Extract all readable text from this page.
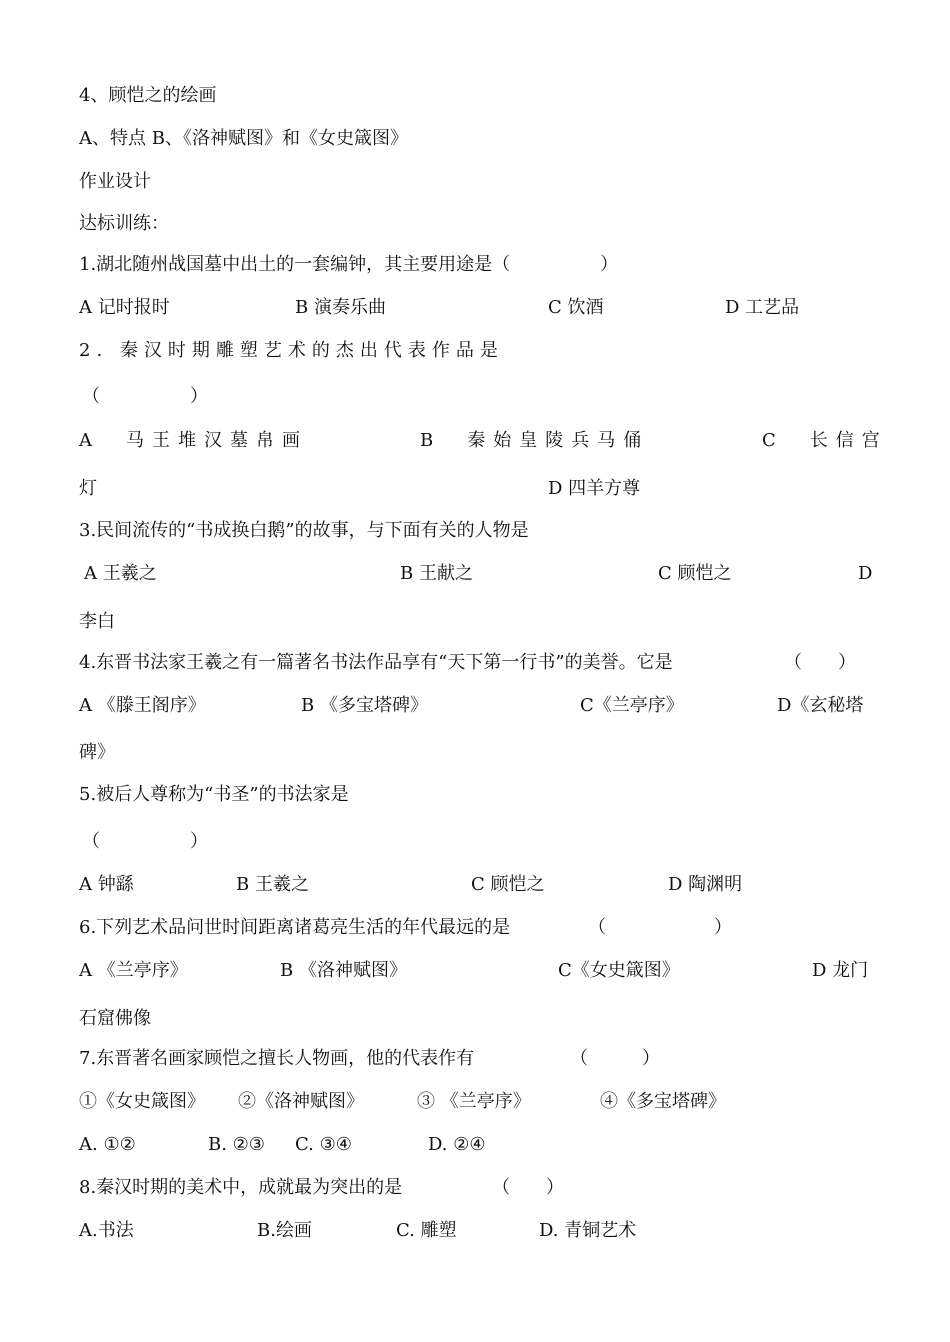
4、顾恺之的绘画
A、特点 B、《洛神赋图》和《女史箴图》
作业设计
达标训练：
1.湖北随州战国墓中出土的一套编钟，其主要用途是（　　　　　）
A 记时报时	B 演奏乐曲	C 饮酒	D 工艺品
2. 秦汉时期雕塑艺术的杰出代表作品是
（　　　　　）
A　马王堆汉墓帛画	B　秦始皇陵兵马俑	C　长信宫
灯	D 四羊方尊
3.民间流传的“书成换白鹅”的故事，与下面有关的人物是
A 王羲之	B 王献之	C 顾恺之	D
李白
4.东晋书法家王羲之有一篇著名书法作品享有“天下第一行书”的美誉。它是	（　　）
A 《滕王阁序》	B 《多宝塔碑》	C《兰亭序》	D《玄秘塔
碑》
5.被后人尊称为“书圣”的书法家是
（　　　　　）
A 钟繇	B 王羲之	C 顾恺之	D 陶渊明
6.下列艺术品问世时间距离诸葛亮生活的年代最远的是	（　　　　　　）
A 《兰亭序》	B 《洛神赋图》	C《女史箴图》	D 龙门
石窟佛像
7.东晋著名画家顾恺之擅长人物画，他的代表作有	（　　　）
①《女史箴图》 ②《洛神赋图》	③ 《兰亭序》	④《多宝塔碑》
A. ①②	B. ②③ C. ③④	D. ②④
8.秦汉时期的美术中，成就最为突出的是	（　　）
A.书法	B.绘画	C. 雕塑	D. 青铜艺术
